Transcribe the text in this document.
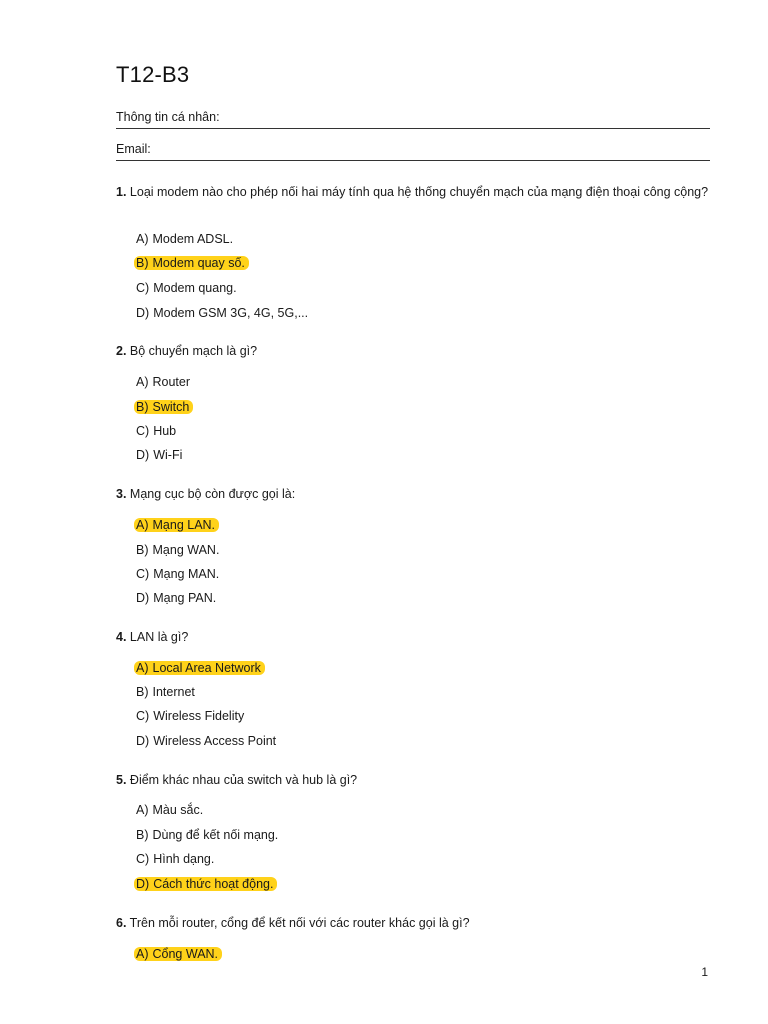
T12-B3
Thông tin cá nhân:
Email:
1. Loại modem nào cho phép nối hai máy tính qua hệ thống chuyển mạch của mạng điện thoại công cộng?
A) Modem ADSL.
B) Modem quay số.
C) Modem quang.
D) Modem GSM 3G, 4G, 5G,...
2. Bộ chuyển mạch là gì?
A) Router
B) Switch
C) Hub
D) Wi-Fi
3. Mạng cục bộ còn được gọi là:
A) Mạng LAN.
B) Mạng WAN.
C) Mạng MAN.
D) Mạng PAN.
4. LAN là gì?
A) Local Area Network
B) Internet
C) Wireless Fidelity
D) Wireless Access Point
5. Điểm khác nhau của switch và hub là gì?
A) Màu sắc.
B) Dùng để kết nối mạng.
C) Hình dạng.
D) Cách thức hoạt động.
6. Trên mỗi router, cổng để kết nối với các router khác gọi là gì?
A) Cổng WAN.
1
